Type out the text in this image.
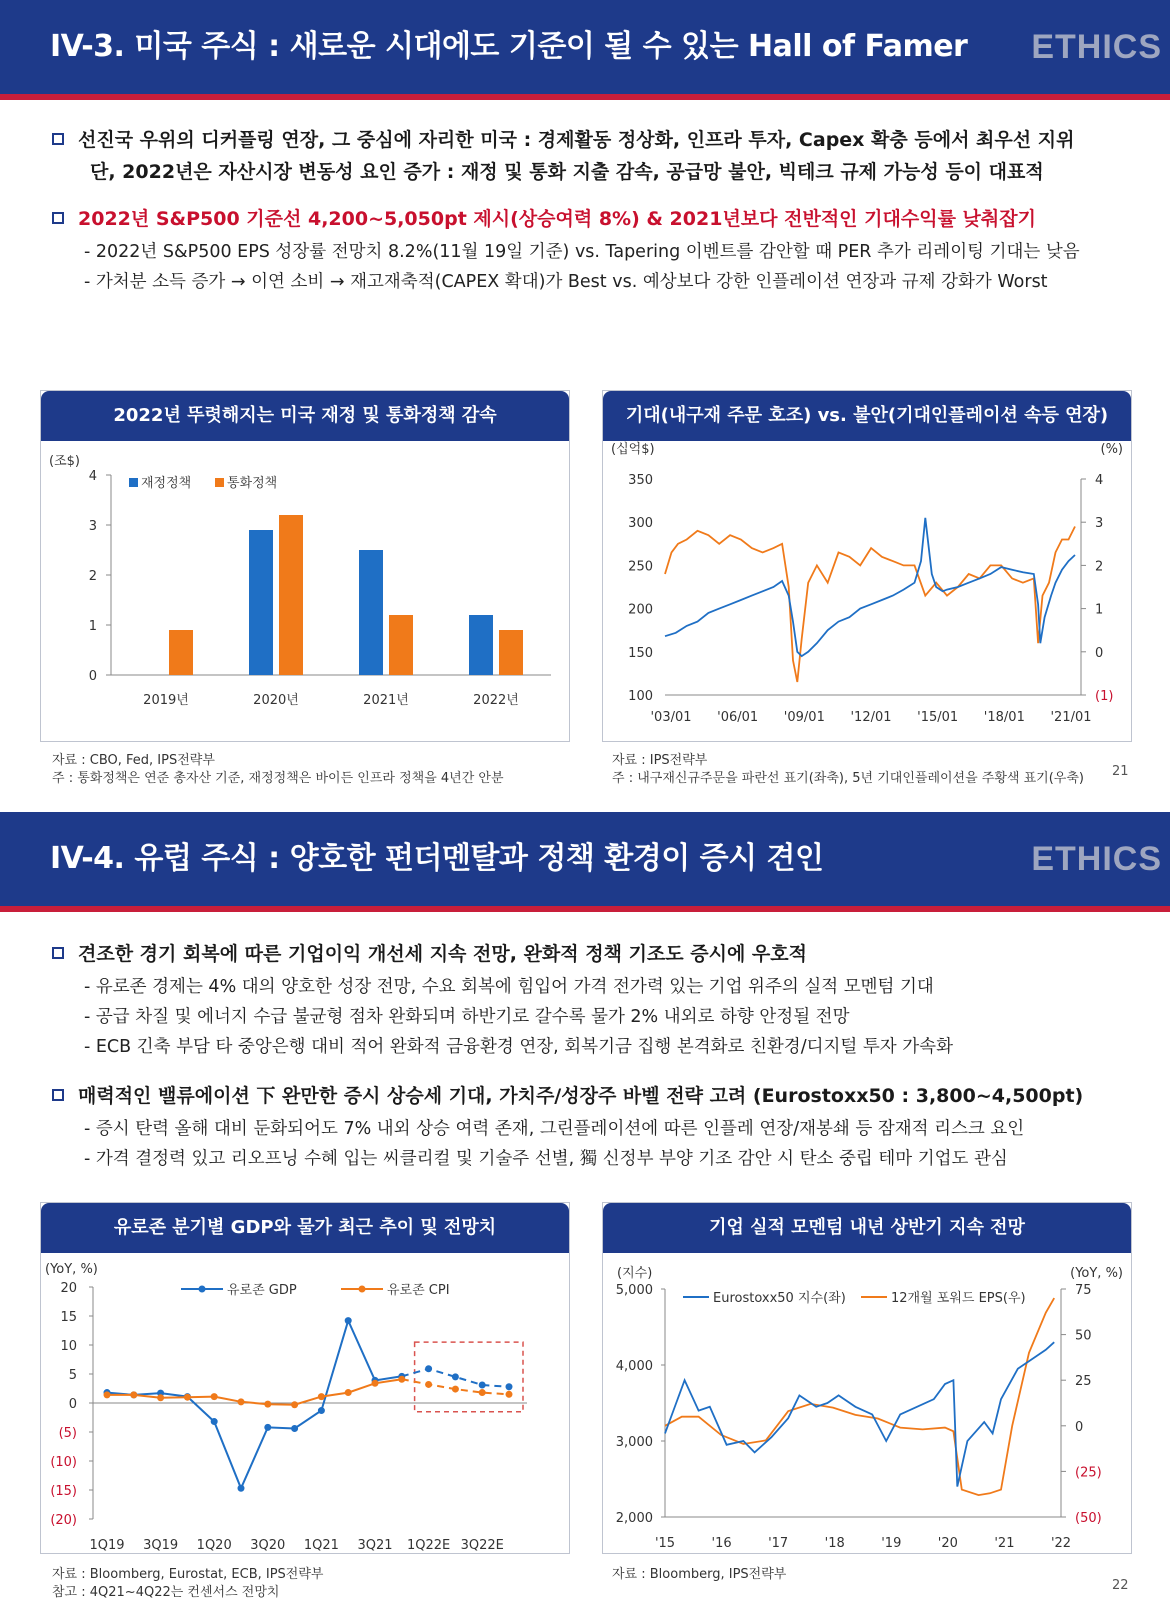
IV-3. 미국 주식 : 새로운 시대에도 기준이 될 수 있는 Hall of Famer ETHICS
선진국 우위의 디커플링 연장, 그 중심에 자리한 미국 : 경제활동 정상화, 인프라 투자, Capex 확충 등에서 최우선 지위
단, 2022년은 자산시장 변동성 요인 증가 : 재정 및 통화 지출 감속, 공급망 불안, 빅테크 규제 가능성 등이 대표적
2022년 S&P500 기준선 4,200~5,050pt 제시(상승여력 8%) & 2021년보다 전반적인 기대수익률 낮춰잡기
- 2022년 S&P500 EPS 성장률 전망치 8.2%(11월 19일 기준) vs. Tapering 이벤트를 감안할 때 PER 추가 리레이팅 기대는 낮음
- 가처분 소득 증가 → 이연 소비 → 재고재축적(CAPEX 확대)가 Best vs. 예상보다 강한 인플레이션 연장과 규제 강화가 Worst
2022년 뚜렷해지는 미국 재정 및 통화정책 감속
(조$)
0
1
2
3
4
2019년	2020년	2021년	2022년
재정정책	통화정책
자료 : CBO, Fed, IPS전략부
주 : 통화정책은 연준 총자산 기준, 재정정책은 바이든 인프라 정책을 4년간 안분
기대(내구재 주문 호조) vs. 불안(기대인플레이션 속등 연장)
(십억$)	(%)
100
150
200
250
300
350
(1)
0
1
2
3
4
'03/01 '06/01 '09/01 '12/01 '15/01 '18/01 '21/01
자료 : IPS전략부
주 : 내구재신규주문을 파란선 표기(좌축), 5년 기대인플레이션을 주황색 표기(우축) 21
IV-4. 유럽 주식 : 양호한 펀더멘탈과 정책 환경이 증시 견인	ETHICS
견조한 경기 회복에 따른 기업이익 개선세 지속 전망, 완화적 정책 기조도 증시에 우호적
- 유로존 경제는 4% 대의 양호한 성장 전망, 수요 회복에 힘입어 가격 전가력 있는 기업 위주의 실적 모멘텀 기대
- 공급 차질 및 에너지 수급 불균형 점차 완화되며 하반기로 갈수록 물가 2% 내외로 하향 안정될 전망
- ECB 긴축 부담 타 중앙은행 대비 적어 완화적 금융환경 연장, 회복기금 집행 본격화로 친환경/디지털 투자 가속화
매력적인 밸류에이션 下 완만한 증시 상승세 기대, 가치주/성장주 바벨 전략 고려 (Eurostoxx50 : 3,800~4,500pt)
- 증시 탄력 올해 대비 둔화되어도 7% 내외 상승 여력 존재, 그린플레이션에 따른 인플레 연장/재봉쇄 등 잠재적 리스크 요인
- 가격 결정력 있고 리오프닝 수혜 입는 씨클리컬 및 기술주 선별, 獨 신정부 부양 기조 감안 시 탄소 중립 테마 기업도 관심
유로존 분기별 GDP와 물가 최근 추이 및 전망치
(YoY, %)
(20)
(15)
(10)
(5)
0
5
10
15
20
1Q19 3Q19 1Q20 3Q20 1Q21 3Q21 1Q22E 3Q22E
유로존 GDP	유로존 CPI
자료 : Bloomberg, Eurostat, ECB, IPS전략부
참고 : 4Q21~4Q22는 컨센서스 전망치
기업 실적 모멘텀 내년 상반기 지속 전망
(지수)	(YoY, %)
2,000
3,000
4,000
5,000
(50)
(25)
0
25
50
75
'15	'16	'17	'18	'19	'20	'21	'22
Eurostoxx50 지수(좌)	12개월 포워드 EPS(우)
자료 : Bloomberg, IPS전략부
22
